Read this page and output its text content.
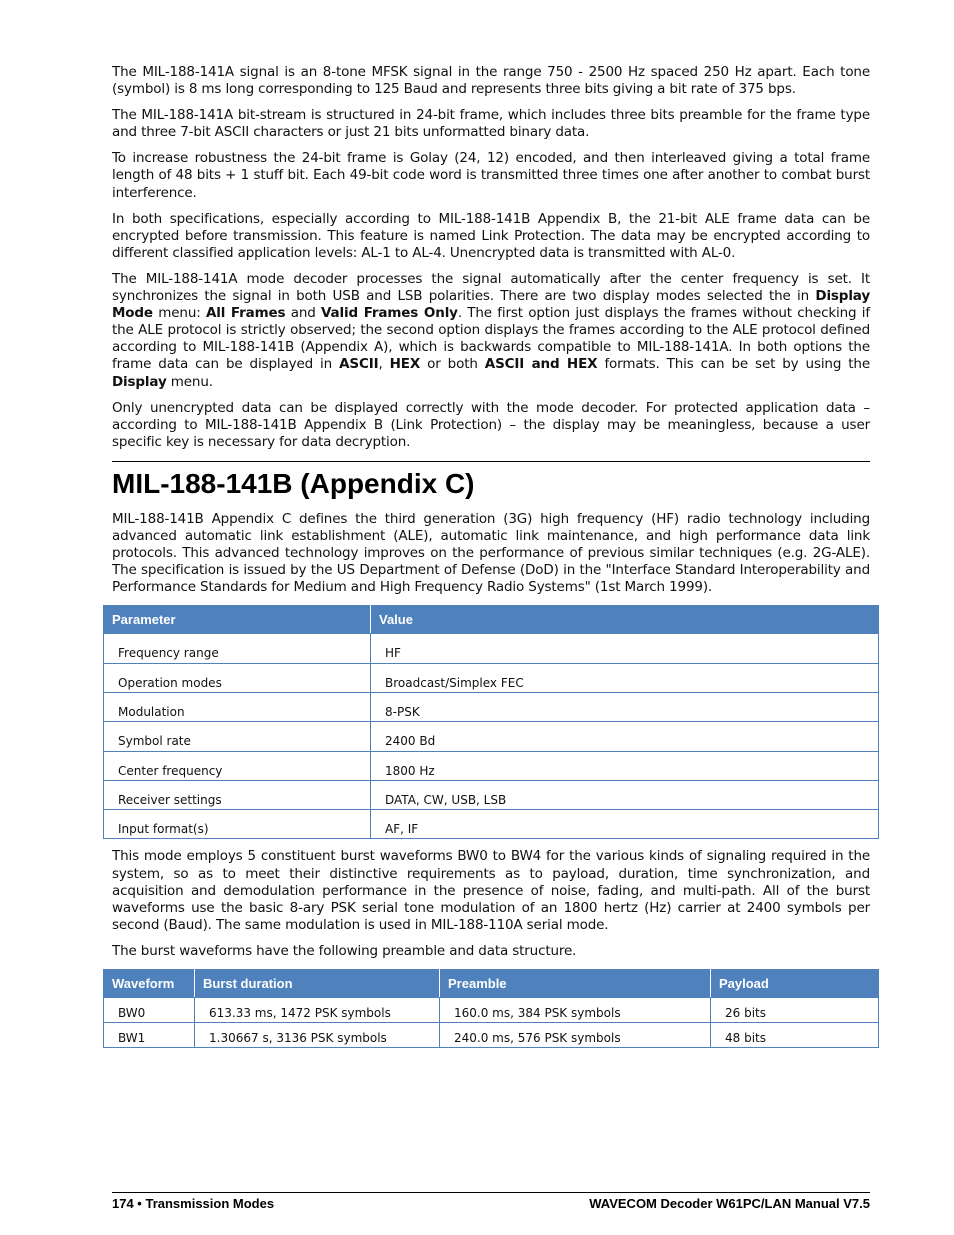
The MIL-188-141A signal is an 8-tone MFSK signal in the range 750 - 2500 Hz spaced 250 Hz apart. Each tone (symbol) is 8 ms long corresponding to 125 Baud and represents three bits giving a bit rate of 375 bps.

The MIL-188-141A bit-stream is structured in 24-bit frame, which includes three bits preamble for the frame type and three 7-bit ASCII characters or just 21 bits unformatted binary data.

To increase robustness the 24-bit frame is Golay (24, 12) encoded, and then interleaved giving a total frame length of 48 bits + 1 stuff bit. Each 49-bit code word is transmitted three times one after another to combat burst interference.

In both specifications, especially according to MIL-188-141B Appendix B, the 21-bit ALE frame data can be encrypted before transmission. This feature is named Link Protection. The data may be encrypted according to different classified application levels: AL-1 to AL-4. Unencrypted data is transmitted with AL-0.

The MIL-188-141A mode decoder processes the signal automatically after the center frequency is set. It synchronizes the signal in both USB and LSB polarities. There are two display modes selected the in Display Mode menu: All Frames and Valid Frames Only. The first option just displays the frames without checking if the ALE protocol is strictly observed; the second option displays the frames according to the ALE protocol defined according to MIL-188-141B (Appendix A), which is backwards compatible to MIL-188-141A. In both options the frame data can be displayed in ASCII, HEX or both ASCII and HEX formats. This can be set by using the Display menu.

Only unencrypted data can be displayed correctly with the mode decoder. For protected application data – according to MIL-188-141B Appendix B (Link Protection) – the display may be meaningless, because a user specific key is necessary for data decryption.

MIL-188-141B (Appendix C)

MIL-188-141B Appendix C defines the third generation (3G) high frequency (HF) radio technology including advanced automatic link establishment (ALE), automatic link maintenance, and high performance data link protocols. This advanced technology improves on the performance of previous similar techniques (e.g. 2G-ALE). The specification is issued by the US Department of Defense (DoD) in the "Interface Standard Interoperability and Performance Standards for Medium and High Frequency Radio Systems" (1st March 1999).

Parameter	Value
Frequency range	HF
Operation modes	Broadcast/Simplex FEC
Modulation	8-PSK
Symbol rate	2400 Bd
Center frequency	1800 Hz
Receiver settings	DATA, CW, USB, LSB
Input format(s)	AF, IF

This mode employs 5 constituent burst waveforms BW0 to BW4 for the various kinds of signaling required in the system, so as to meet their distinctive requirements as to payload, duration, time synchronization, and acquisition and demodulation performance in the presence of noise, fading, and multi-path. All of the burst waveforms use the basic 8-ary PSK serial tone modulation of an 1800 hertz (Hz) carrier at 2400 symbols per second (Baud). The same modulation is used in MIL-188-110A serial mode.

The burst waveforms have the following preamble and data structure.

Waveform	Burst duration	Preamble	Payload
BW0	613.33 ms, 1472 PSK symbols	160.0 ms, 384 PSK symbols	26 bits
BW1	1.30667 s, 3136 PSK symbols	240.0 ms, 576 PSK symbols	48 bits
174 • Transmission Modes	WAVECOM Decoder W61PC/LAN Manual V7.5
